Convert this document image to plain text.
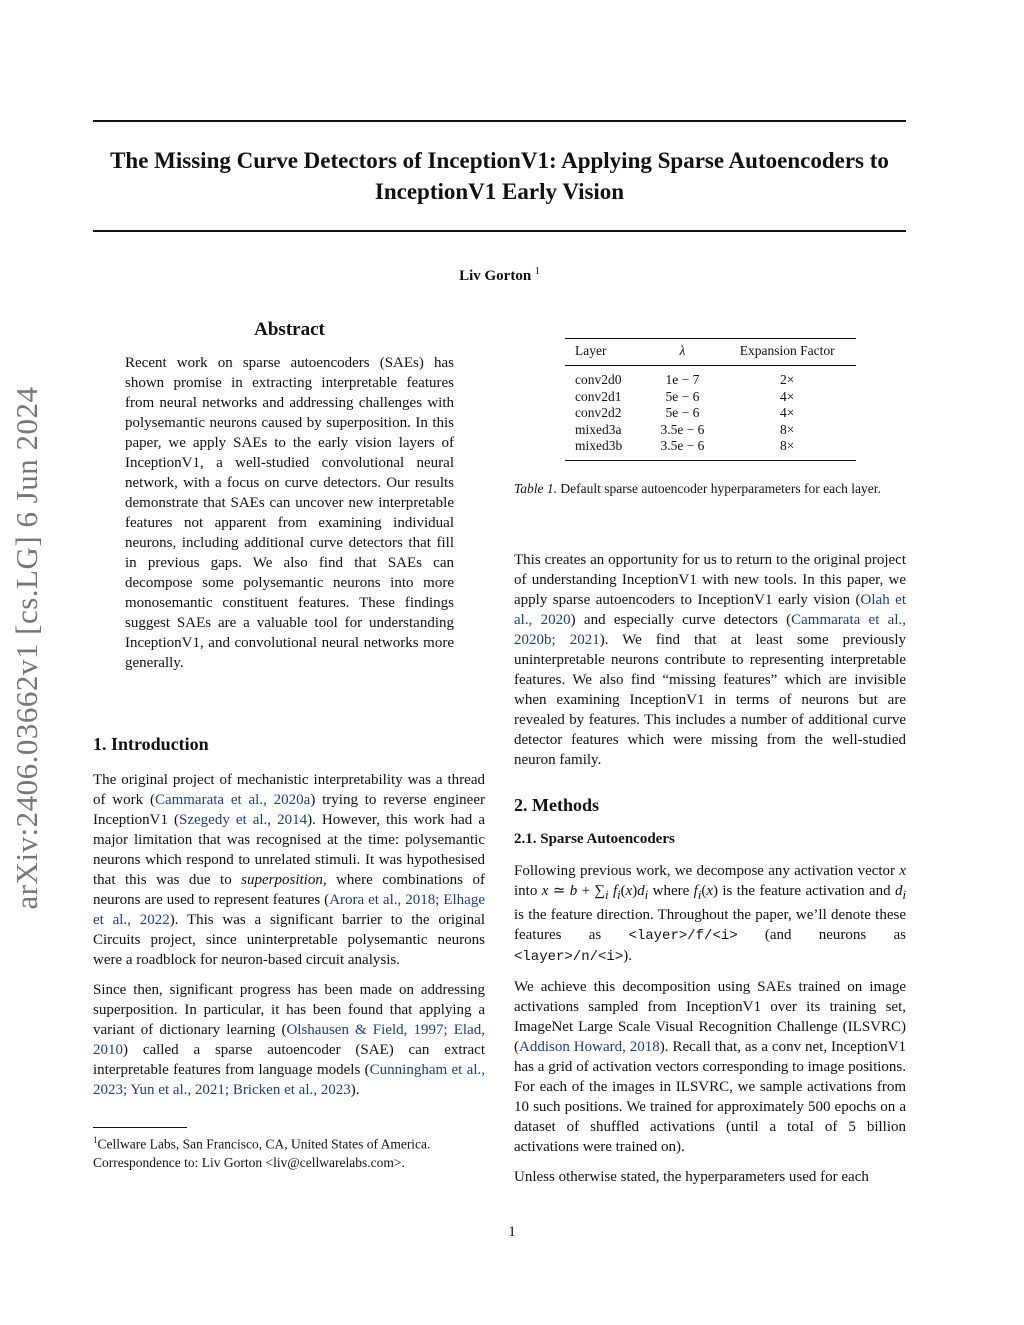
arXiv:2406.03662v1 [cs.LG] 6 Jun 2024
The Missing Curve Detectors of InceptionV1: Applying Sparse Autoencoders to InceptionV1 Early Vision
Liv Gorton $^1$
Abstract
Recent work on sparse autoencoders (SAEs) has shown promise in extracting interpretable features from neural networks and addressing challenges with polysemantic neurons caused by superposition. In this paper, we apply SAEs to the early vision layers of InceptionV1, a well-studied convolutional neural network, with a focus on curve detectors. Our results demonstrate that SAEs can uncover new interpretable features not apparent from examining individual neurons, including additional curve detectors that fill in previous gaps. We also find that SAEs can decompose some polysemantic neurons into more monosemantic constituent features. These findings suggest SAEs are a valuable tool for understanding InceptionV1, and convolutional neural networks more generally.
1. Introduction

The original project of mechanistic interpretability was a thread of work (Cammarata et al., 2020a) trying to reverse engineer InceptionV1 (Szegedy et al., 2014). However, this work had a major limitation that was recognised at the time: polysemantic neurons which respond to unrelated stimuli. It was hypothesised that this was due to superposition, where combinations of neurons are used to represent features (Arora et al., 2018; Elhage et al., 2022). This was a significant barrier to the original Circuits project, since uninterpretable polysemantic neurons were a roadblock for neuron-based circuit analysis.

Since then, significant progress has been made on addressing superposition. In particular, it has been found that applying a variant of dictionary learning (Olshausen & Field, 1997; Elad, 2010) called a sparse autoencoder (SAE) can extract interpretable features from language models (Cunningham et al., 2023; Yun et al., 2021; Bricken et al., 2023).

$^1$Cellware Labs, San Francisco, CA, United States of America. Correspondence to: Liv Gorton <liv@cellwarelabs.com>.
Layer	λ	Expansion Factor
conv2d0	1e − 7	2×
conv2d1	5e − 6	4×
conv2d2	5e − 6	4×
mixed3a	3.5e − 6	8×
mixed3b	3.5e − 6	8×
Table 1. Default sparse autoencoder hyperparameters for each layer.

This creates an opportunity for us to return to the original project of understanding InceptionV1 with new tools. In this paper, we apply sparse autoencoders to InceptionV1 early vision (Olah et al., 2020) and especially curve detectors (Cammarata et al., 2020b; 2021). We find that at least some previously uninterpretable neurons contribute to representing interpretable features. We also find “missing features” which are invisible when examining InceptionV1 in terms of neurons but are revealed by features. This includes a number of additional curve detector features which were missing from the well-studied neuron family.

2. Methods
2.1. Sparse Autoencoders

Following previous work, we decompose any activation vector x into x ≃ $b + \sum_i$ $f_i(x)d_i$ where $f_i(x)$ is the feature activation and $d_i$ is the feature direction. Throughout the paper, we’ll denote these features as <layer>/f/<i> (and neurons as <layer>/n/<i>).

We achieve this decomposition using SAEs trained on image activations sampled from InceptionV1 over its training set, ImageNet Large Scale Visual Recognition Challenge (ILSVRC) (Addison Howard, 2018). Recall that, as a conv net, InceptionV1 has a grid of activation vectors corresponding to image positions. For each of the images in ILSVRC, we sample activations from 10 such positions. We trained for approximately 500 epochs on a dataset of shuffled activations (until a total of 5 billion activations were trained on).

Unless otherwise stated, the hyperparameters used for each

1
